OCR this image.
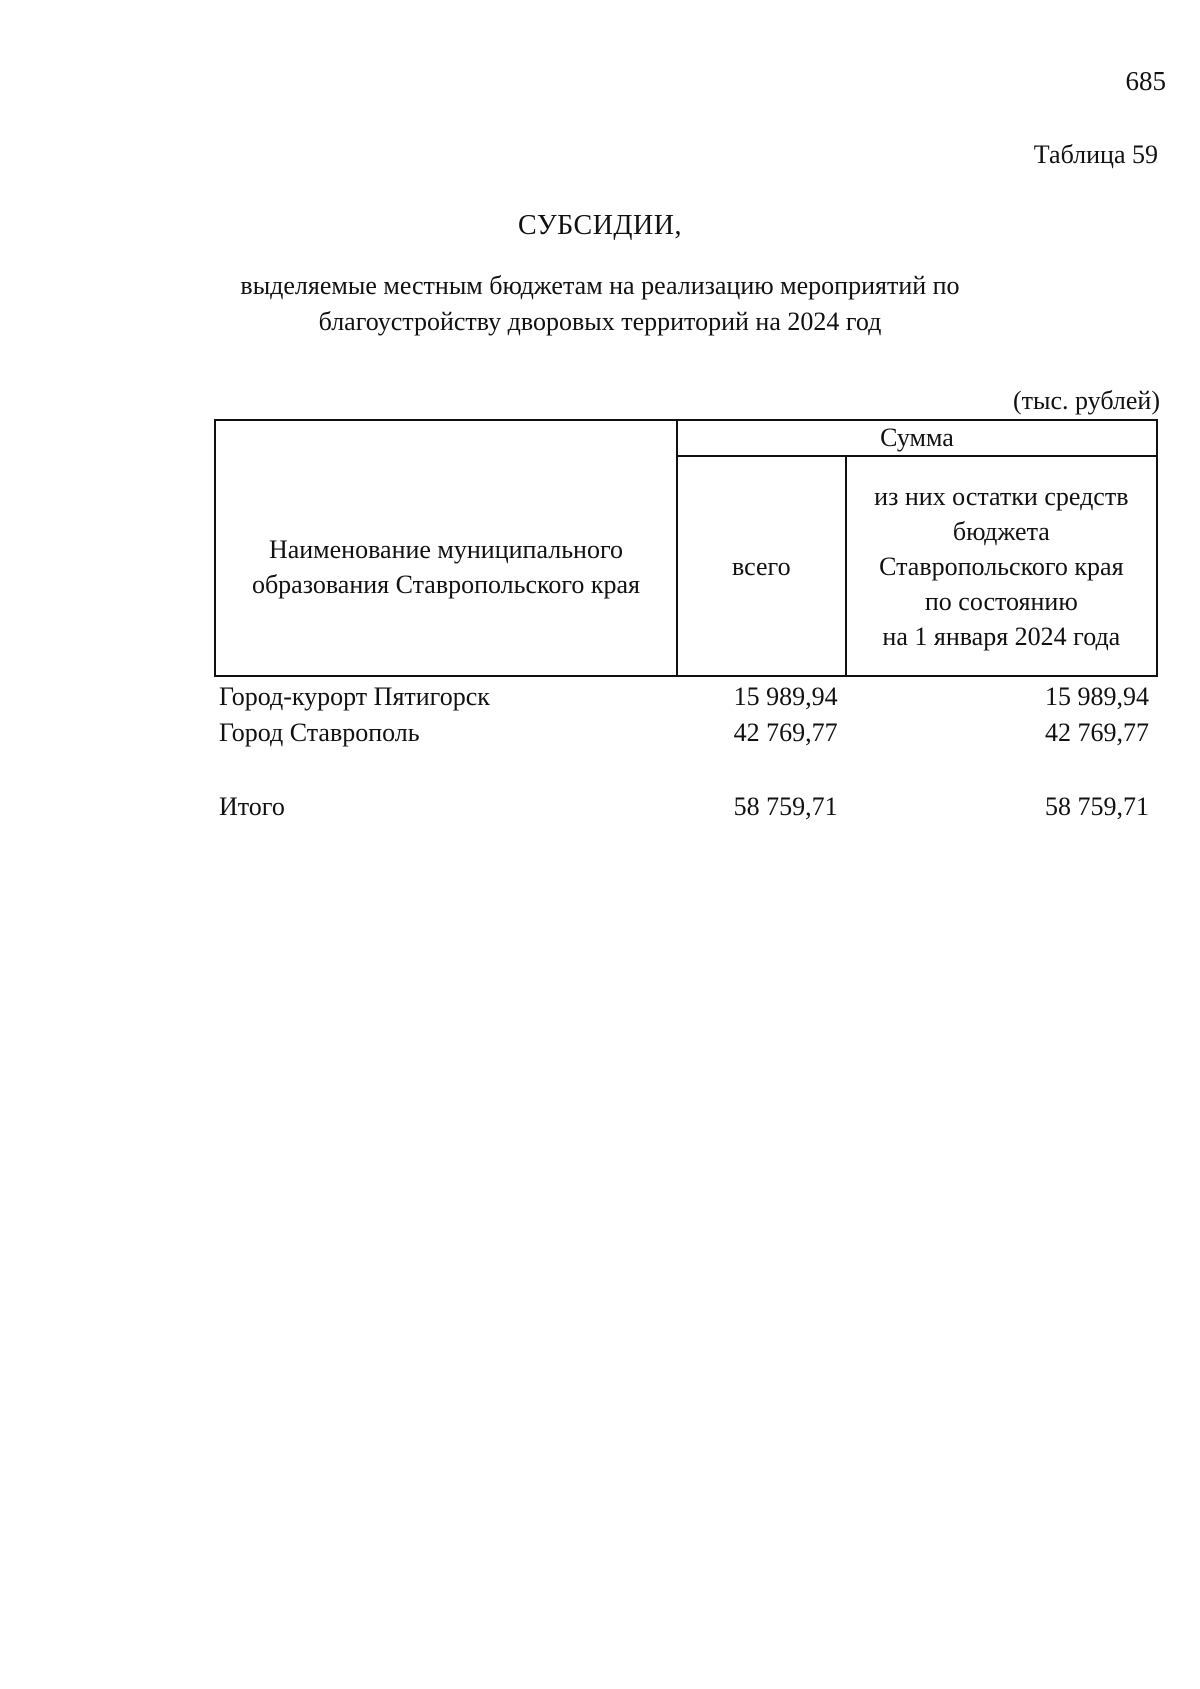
685
Таблица 59
СУБСИДИИ,
выделяемые местным бюджетам на реализацию мероприятий по
благоустройству дворовых территорий на 2024 год
(тыс. рублей)
Наименование муниципального
образования Ставропольского края	Сумма	
	всего	из них остатки средств
бюджета
Ставропольского края
по состоянию
на 1 января 2024 года

Город-курорт Пятигорск	15 989,94	15 989,94
Город Ставрополь	42 769,77	42 769,77

Итого	58 759,71	58 759,71
